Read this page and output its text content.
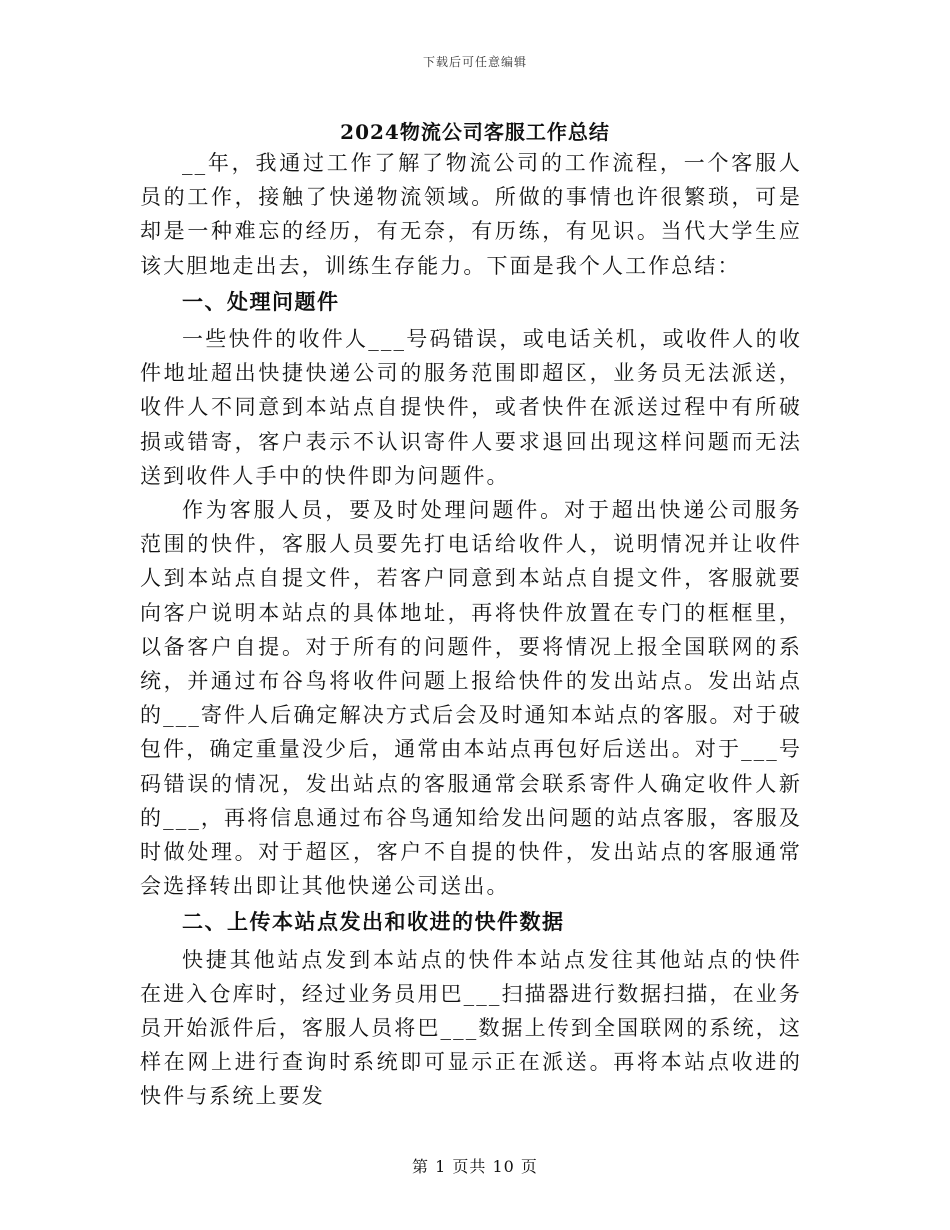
下载后可任意编辑
2024物流公司客服工作总结

__年，我通过工作了解了物流公司的工作流程，一个客服人员的工作，接触了快递物流领域。所做的事情也许很繁琐，可是却是一种难忘的经历，有无奈，有历练，有见识。当代大学生应该大胆地走出去，训练生存能力。下面是我个人工作总结：

一、处理问题件

一些快件的收件人___号码错误，或电话关机，或收件人的收件地址超出快捷快递公司的服务范围即超区，业务员无法派送，收件人不同意到本站点自提快件，或者快件在派送过程中有所破损或错寄，客户表示不认识寄件人要求退回出现这样问题而无法送到收件人手中的快件即为问题件。

作为客服人员，要及时处理问题件。对于超出快递公司服务范围的快件，客服人员要先打电话给收件人，说明情况并让收件人到本站点自提文件，若客户同意到本站点自提文件，客服就要向客户说明本站点的具体地址，再将快件放置在专门的框框里，以备客户自提。对于所有的问题件，要将情况上报全国联网的系统，并通过布谷鸟将收件问题上报给快件的发出站点。发出站点的___寄件人后确定解决方式后会及时通知本站点的客服。对于破包件，确定重量没少后，通常由本站点再包好后送出。对于___号码错误的情况，发出站点的客服通常会联系寄件人确定收件人新的___，再将信息通过布谷鸟通知给发出问题的站点客服，客服及时做处理。对于超区，客户不自提的快件，发出站点的客服通常会选择转出即让其他快递公司送出。

二、上传本站点发出和收进的快件数据

快捷其他站点发到本站点的快件本站点发往其他站点的快件在进入仓库时，经过业务员用巴___扫描器进行数据扫描，在业务员开始派件后，客服人员将巴___数据上传到全国联网的系统，这样在网上进行查询时系统即可显示正在派送。再将本站点收进的快件与系统上要发

第 1 页共 10 页
